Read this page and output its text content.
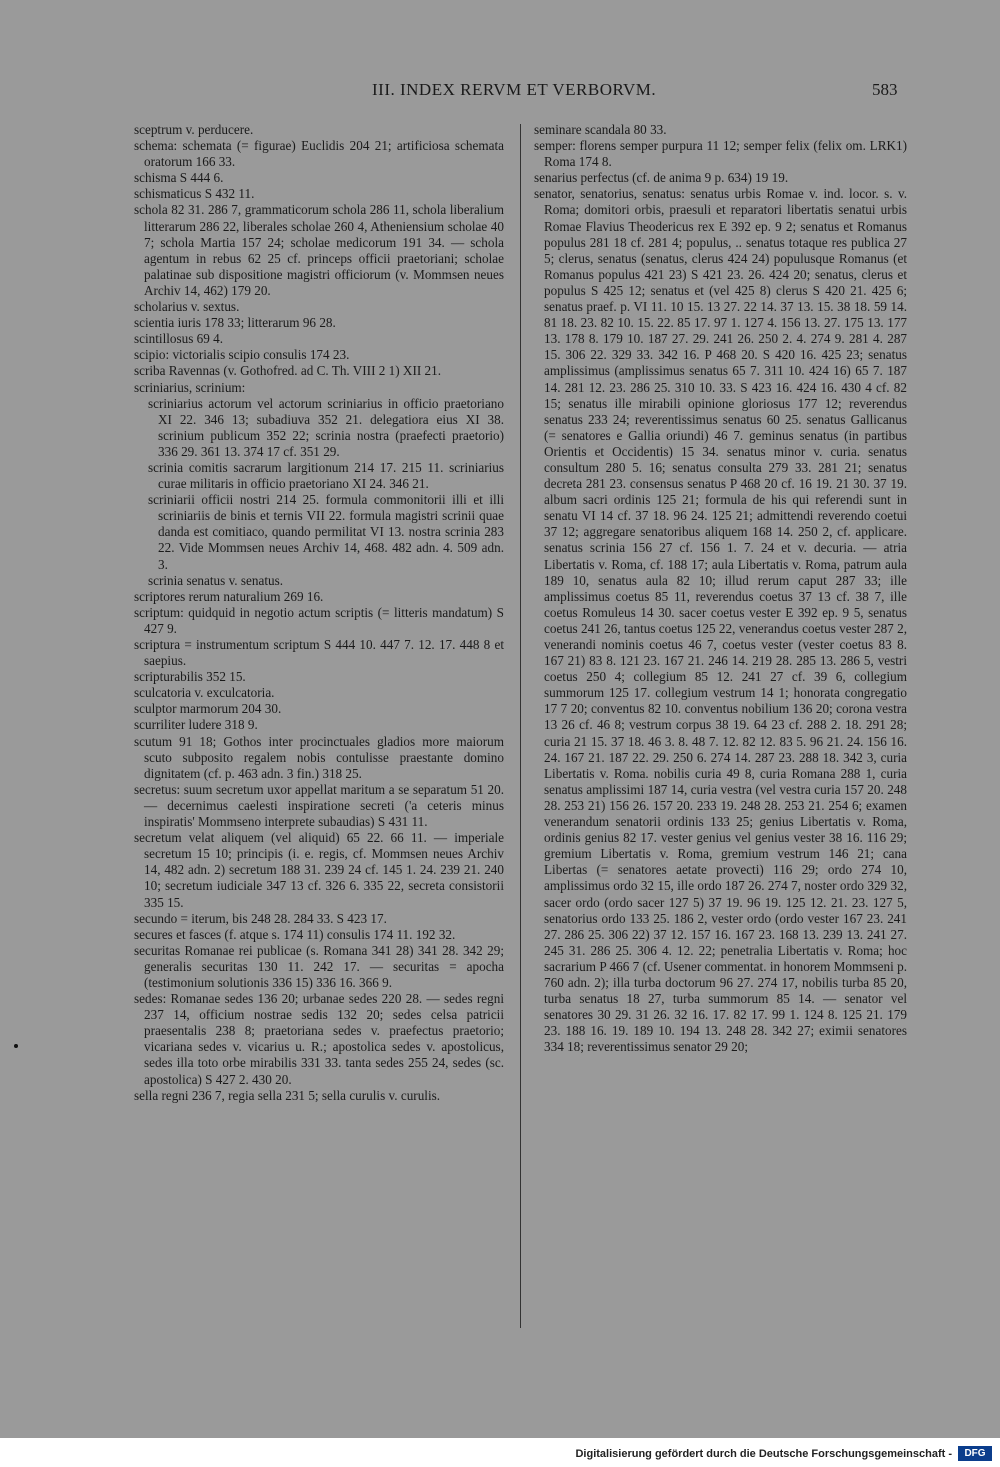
III. INDEX RERVM ET VERBORVM.	583

sceptrum v. perducere.

schema: schemata (= figurae) Euclidis 204 21; artificiosa schemata oratorum 166 33.

schisma S 444 6.

schismaticus S 432 11.

schola 82 31. 286 7, grammaticorum schola 286 11, schola liberalium litterarum 286 22, liberales scholae 260 4, Atheniensium scholae 40 7; schola Martia 157 24; scholae medicorum 191 34. — schola agentum in rebus 62 25 cf. princeps officii praetoriani; scholae palatinae sub dispositione magistri officiorum (v. Mommsen neues Archiv 14, 462) 179 20.

scholarius v. sextus.

scientia iuris 178 33; litterarum 96 28.

scintillosus 69 4.

scipio: victorialis scipio consulis 174 23.

scriba Ravennas (v. Gothofred. ad C. Th. VIII 2 1) XII 21.

scriniarius, scrinium:

scriniarius actorum vel actorum scriniarius in officio praetoriano XI 22. 346 13; subadiuva 352 21. delegatiora eius XI 38. scrinium publicum 352 22; scrinia nostra (praefecti praetorio) 336 29. 361 13. 374 17 cf. 351 29.

scrinia comitis sacrarum largitionum 214 17. 215 11. scriniarius curae militaris in officio praetoriano XI 24. 346 21.

scriniarii officii nostri 214 25. formula commonitorii illi et illi scriniariis de binis et ternis VII 22. formula magistri scrinii quae danda est comitiaco, quando permilitat VI 13. nostra scrinia 283 22. Vide Mommsen neues Archiv 14, 468. 482 adn. 4. 509 adn. 3.

scrinia senatus v. senatus.

scriptores rerum naturalium 269 16.

scriptum: quidquid in negotio actum scriptis (= litteris mandatum) S 427 9.

scriptura = instrumentum scriptum S 444 10. 447 7. 12. 17. 448 8 et saepius.

scripturabilis 352 15.

sculcatoria v. exculcatoria.

sculptor marmorum 204 30.

scurriliter ludere 318 9.

scutum 91 18; Gothos inter procinctuales gladios more maiorum scuto subposito regalem nobis contulisse praestante domino dignitatem (cf. p. 463 adn. 3 fin.) 318 25.

secretus: suum secretum uxor appellat maritum a se separatum 51 20. — decernimus caelesti inspiratione secreti ('a ceteris minus inspiratis' Mommseno interprete subaudias) S 431 11.

secretum velat aliquem (vel aliquid) 65 22. 66 11. — imperiale secretum 15 10; principis (i. e. regis, cf. Mommsen neues Archiv 14, 482 adn. 2) secretum 188 31. 239 24 cf. 145 1. 24. 239 21. 240 10; secretum iudiciale 347 13 cf. 326 6. 335 22, secreta consistorii 335 15.

secundo = iterum, bis 248 28. 284 33. S 423 17.

secures et fasces (f. atque s. 174 11) consulis 174 11. 192 32.

securitas Romanae rei publicae (s. Romana 341 28) 341 28. 342 29; generalis securitas 130 11. 242 17. — securitas = apocha (testimonium solutionis 336 15) 336 16. 366 9.

sedes: Romanae sedes 136 20; urbanae sedes 220 28. — sedes regni 237 14, officium nostrae sedis 132 20; sedes celsa patricii praesentalis 238 8; praetoriana sedes v. praefectus praetorio; vicariana sedes v. vicarius u. R.; apostolica sedes v. apostolicus, sedes illa toto orbe mirabilis 331 33. tanta sedes 255 24, sedes (sc. apostolica) S 427 2. 430 20.

sella regni 236 7, regia sella 231 5; sella curulis v. curulis.

seminare scandala 80 33.

semper: florens semper purpura 11 12; semper felix (felix om. LRK1) Roma 174 8.

senarius perfectus (cf. de anima 9 p. 634) 19 19.

senator, senatorius, senatus: senatus urbis Romae v. ind. locor. s. v. Roma; domitori orbis, praesuli et reparatori libertatis senatui urbis Romae Flavius Theodericus rex E 392 ep. 9 2; senatus et Romanus populus 281 18 cf. 281 4; populus, .. senatus totaque res publica 27 5; clerus, senatus (senatus, clerus 424 24) populusque Romanus (et Romanus populus 421 23) S 421 23. 26. 424 20; senatus, clerus et populus S 425 12; senatus et (vel 425 8) clerus S 420 21. 425 6; senatus praef. p. VI 11. 10 15. 13 27. 22 14. 37 13. 15. 38 18. 59 14. 81 18. 23. 82 10. 15. 22. 85 17. 97 1. 127 4. 156 13. 27. 175 13. 177 13. 178 8. 179 10. 187 27. 29. 241 26. 250 2. 4. 274 9. 281 4. 287 15. 306 22. 329 33. 342 16. P 468 20. S 420 16. 425 23; senatus amplissimus (amplissimus senatus 65 7. 311 10. 424 16) 65 7. 187 14. 281 12. 23. 286 25. 310 10. 33. S 423 16. 424 16. 430 4 cf. 82 15; senatus ille mirabili opinione gloriosus 177 12; reverendus senatus 233 24; reverentissimus senatus 60 25. senatus Gallicanus (= senatores e Gallia oriundi) 46 7. geminus senatus (in partibus Orientis et Occidentis) 15 34. senatus minor v. curia. senatus consultum 280 5. 16; senatus consulta 279 33. 281 21; senatus decreta 281 23. consensus senatus P 468 20 cf. 16 19. 21 30. 37 19. album sacri ordinis 125 21; formula de his qui referendi sunt in senatu VI 14 cf. 37 18. 96 24. 125 21; admittendi reverendo coetui 37 12; aggregare senatoribus aliquem 168 14. 250 2, cf. applicare. senatus scrinia 156 27 cf. 156 1. 7. 24 et v. decuria. — atria Libertatis v. Roma, cf. 188 17; aula Libertatis v. Roma, patrum aula 189 10, senatus aula 82 10; illud rerum caput 287 33; ille amplissimus coetus 85 11, reverendus coetus 37 13 cf. 38 7, ille coetus Romuleus 14 30. sacer coetus vester E 392 ep. 9 5, senatus coetus 241 26, tantus coetus 125 22, venerandus coetus vester 287 2, venerandi nominis coetus 46 7, coetus vester (vester coetus 83 8. 167 21) 83 8. 121 23. 167 21. 246 14. 219 28. 285 13. 286 5, vestri coetus 250 4; collegium 85 12. 241 27 cf. 39 6, collegium summorum 125 17. collegium vestrum 14 1; honorata congregatio 17 7 20; conventus 82 10. conventus nobilium 136 20; corona vestra 13 26 cf. 46 8; vestrum corpus 38 19. 64 23 cf. 288 2. 18. 291 28; curia 21 15. 37 18. 46 3. 8. 48 7. 12. 82 12. 83 5. 96 21. 24. 156 16. 24. 167 21. 187 22. 29. 250 6. 274 14. 287 23. 288 18. 342 3, curia Libertatis v. Roma. nobilis curia 49 8, curia Romana 288 1, curia senatus amplissimi 187 14, curia vestra (vel vestra curia 157 20. 248 28. 253 21) 156 26. 157 20. 233 19. 248 28. 253 21. 254 6; examen venerandum senatorii ordinis 133 25; genius Libertatis v. Roma, ordinis genius 82 17. vester genius vel genius vester 38 16. 116 29; gremium Libertatis v. Roma, gremium vestrum 146 21; cana Libertas (= senatores aetate provecti) 116 29; ordo 274 10, amplissimus ordo 32 15, ille ordo 187 26. 274 7, noster ordo 329 32, sacer ordo (ordo sacer 127 5) 37 19. 96 19. 125 12. 21. 23. 127 5, senatorius ordo 133 25. 186 2, vester ordo (ordo vester 167 23. 241 27. 286 25. 306 22) 37 12. 157 16. 167 23. 168 13. 239 13. 241 27. 245 31. 286 25. 306 4. 12. 22; penetralia Libertatis v. Roma; hoc sacrarium P 466 7 (cf. Usener commentat. in honorem Mommseni p. 760 adn. 2); illa turba doctorum 96 27. 274 17, nobilis turba 85 20, turba senatus 18 27, turba summorum 85 14. — senator vel senatores 30 29. 31 26. 32 16. 17. 82 17. 99 1. 124 8. 125 21. 179 23. 188 16. 19. 189 10. 194 13. 248 28. 342 27; eximii senatores 334 18; reverentissimus senator 29 20;

Digitalisierung gefördert durch die Deutsche Forschungsgemeinschaft -	DFG
